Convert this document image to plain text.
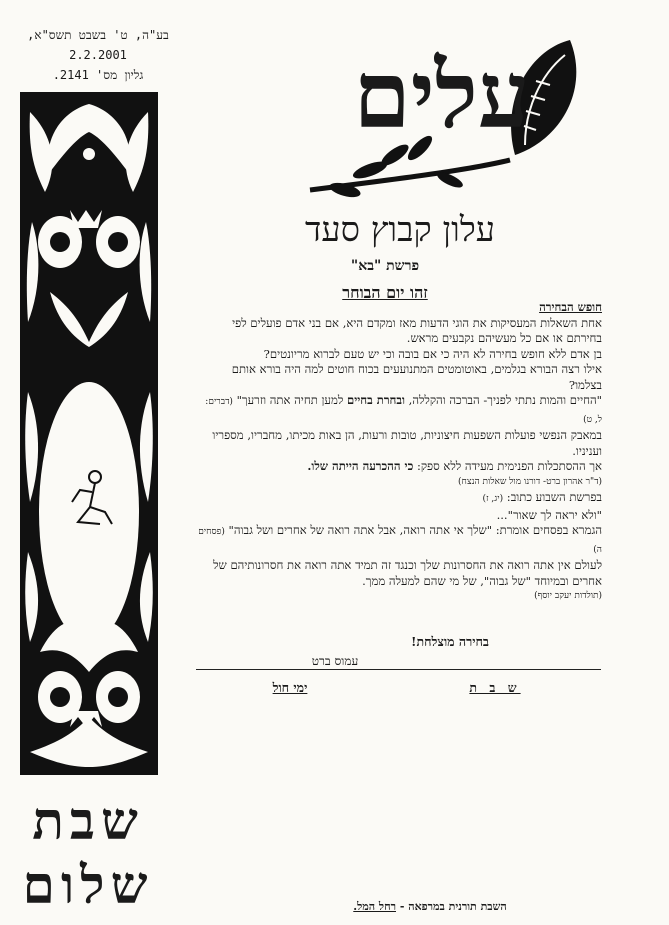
בע"ה, ט' בשבט תשס"א,
2.2.2001
גליון מס' 2141.
שבת
שלום
עלים
עלון קבוץ סעד
פרשת "בא"
זהו יום הבוחר

חופש הבחירה

אחת השאלות המעסיקות את הוגי הדעות מאז ומקדם היא, אם בני אדם פועלים לפי בחירתם או אם כל מעשיהם נקבעים מראש.

בן אדם ללא חופש בחירה לא היה כי אם בובה וכי יש טעם לברוא מריונטים?

אילו רצה הבורא בגלמים, באוטומטים המתנועעים בכוח חוטים למה היה בורא אותם בצלמו?

"החיים והמות נתתי לפניך- הברכה והקללה, ובחרת בחיים למען תחיה אתה וזרעך" (דברים: ל, ט)

במאבק הנפשי פועלות השפעות חיצוניות, טובות ורעות, הן באות מכיתו, מחבריו, מספריו ועניניו.

אך ההסתכלות הפנימית מעידה ללא ספק: כי ההכרעה הייתה שלו.

(ד"ר אהרון ברט- דורנו מול שאלות הנצח)

בפרשת השבוע כתוב: (יג, ז)

"ולא יראה לך שאור"...

הגמרא בפסחים אומרת: "שלך אי אתה רואה, אבל אתה רואה של אחרים ושל גבוה" (פסחים ה)

לעולם אין אתה רואה את החסרונות שלך וכנגד זה תמיד אתה רואה את חסרונותיהם של אחרים ובמיוחד "של גבוה", של מי שהם למעלה ממך.

(תולדות יעקב יוסף)

בחירה מוצלחת!
עמוס ברט
ש ב ת
ימי חול
השבת תורנית במרפאה - רחל המל.
